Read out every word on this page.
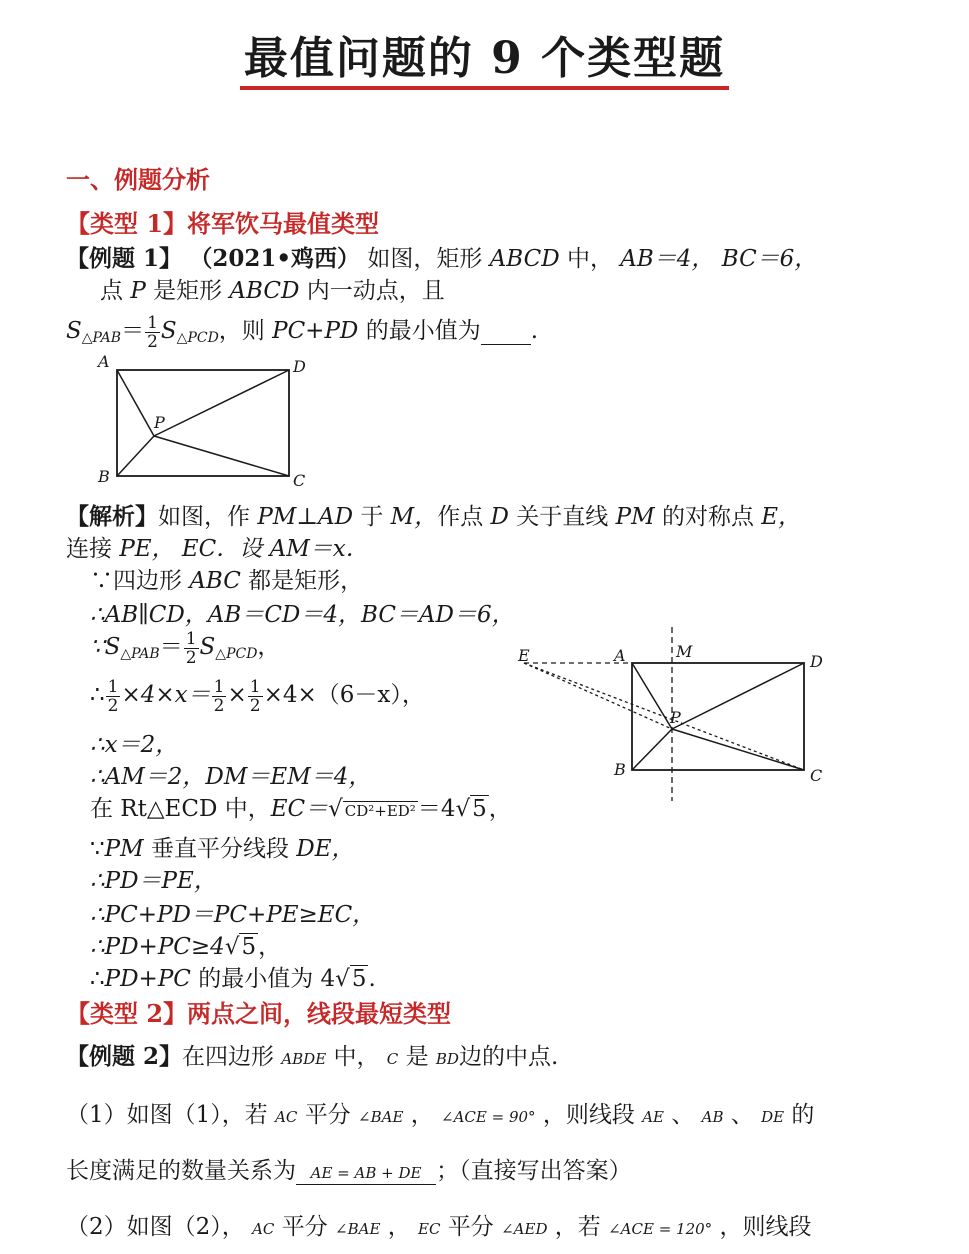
最值问题的 9 个类型题
一、例题分析
【类型 1】将军饮马最值类型
【例题 1】 （2021•鸡西） 如图，矩形 ABCD 中， AB＝4， BC＝6，
点 P 是矩形 ABCD 内一动点，且
$S_{\triangle PAB}= \frac{1}{2} S_{\triangle PCD}$，则 PC+PD 的最小值为 .
A	D
P
B	C
【解析】如图，作 PM⊥AD 于 M，作点 D 关于直线 PM 的对称点 E，
连接 PE， EC．设 AM＝x．
∵四边形 ABC 都是矩形，
∴AB∥CD，AB＝CD＝4，BC＝AD＝6，
$\because S_{\triangle PAB}= \frac{1}{2} S_{\triangle PCD}$，
∴ $\frac{1}{2} \times 4\times x= \frac{1}{2} \times \frac{1}{2} \times 4\times(6-x)$，
∴x＝2，
∴AM＝2，DM＝EM＝4，
在 Rt△ECD 中，EC＝√ CD²+ED²＝4√5，
∵PM 垂直平分线段 DE，
∴PD＝PE，
∴PC+PD＝PC+PE≥EC，
∴PD+PC≥4√5，
∴PD+PC 的最小值为 4√5.
E	A	M
D
P
B	C
【类型 2】两点之间，线段最短类型
【例题 2】在四边形 ABDE 中， C 是 BD边的中点.
（1）如图（1），若 AC 平分 ∠BAE ， ∠ACE = 90° ，则线段 AE 、 AB 、 DE 的
长度满足的数量关系为 AE = AB + DE ；（直接写出答案）
（2）如图（2）， AC 平分 ∠BAE ， EC 平分 ∠AED ，若 ∠ACE = 120° ，则线段
